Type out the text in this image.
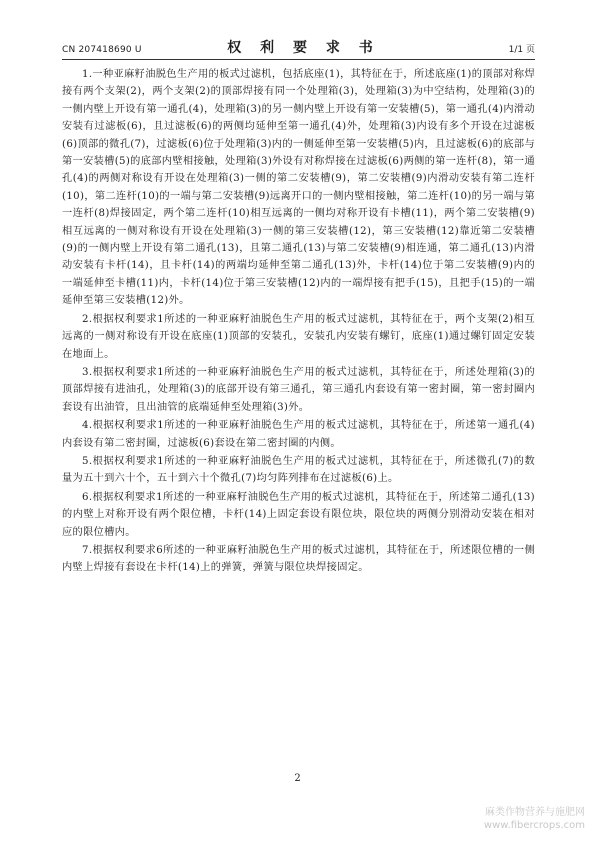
CN 207418690 U	权 利 要 求 书	1/1 页

1.一种亚麻籽油脱色生产用的板式过滤机，包括底座(1)，其特征在于，所述底座(1)的顶部对称焊接有两个支架(2)，两个支架(2)的顶部焊接有同一个处理箱(3)，处理箱(3)为中空结构，处理箱(3)的一侧内壁上开设有第一通孔(4)，处理箱(3)的另一侧内壁上开设有第一安装槽(5)，第一通孔(4)内滑动安装有过滤板(6)，且过滤板(6)的两侧均延伸至第一通孔(4)外，处理箱(3)内设有多个开设在过滤板(6)顶部的微孔(7)，过滤板(6)位于处理箱(3)内的一侧延伸至第一安装槽(5)内，且过滤板(6)的底部与第一安装槽(5)的底部内壁相接触，处理箱(3)外设有对称焊接在过滤板(6)两侧的第一连杆(8)，第一通孔(4)的两侧对称设有开设在处理箱(3)一侧的第二安装槽(9)，第二安装槽(9)内滑动安装有第二连杆(10)，第二连杆(10)的一端与第二安装槽(9)远离开口的一侧内壁相接触，第二连杆(10)的另一端与第一连杆(8)焊接固定，两个第二连杆(10)相互远离的一侧均对称开设有卡槽(11)，两个第二安装槽(9)相互远离的一侧对称设有开设在处理箱(3)一侧的第三安装槽(12)，第三安装槽(12)靠近第二安装槽(9)的一侧内壁上开设有第二通孔(13)，且第二通孔(13)与第二安装槽(9)相连通，第二通孔(13)内滑动安装有卡杆(14)，且卡杆(14)的两端均延伸至第二通孔(13)外，卡杆(14)位于第二安装槽(9)内的一端延伸至卡槽(11)内，卡杆(14)位于第三安装槽(12)内的一端焊接有把手(15)，且把手(15)的一端延伸至第三安装槽(12)外。

2.根据权利要求1所述的一种亚麻籽油脱色生产用的板式过滤机，其特征在于，两个支架(2)相互远离的一侧对称设有开设在底座(1)顶部的安装孔，安装孔内安装有螺钉，底座(1)通过螺钉固定安装在地面上。

3.根据权利要求1所述的一种亚麻籽油脱色生产用的板式过滤机，其特征在于，所述处理箱(3)的顶部焊接有进油孔，处理箱(3)的底部开设有第三通孔，第三通孔内套设有第一密封圈，第一密封圈内套设有出油管，且出油管的底端延伸至处理箱(3)外。

4.根据权利要求1所述的一种亚麻籽油脱色生产用的板式过滤机，其特征在于，所述第一通孔(4)内套设有第二密封圈，过滤板(6)套设在第二密封圈的内侧。

5.根据权利要求1所述的一种亚麻籽油脱色生产用的板式过滤机，其特征在于，所述微孔(7)的数量为五十到六十个，五十到六十个微孔(7)均匀阵列排布在过滤板(6)上。

6.根据权利要求1所述的一种亚麻籽油脱色生产用的板式过滤机，其特征在于，所述第二通孔(13)的内壁上对称开设有两个限位槽，卡杆(14)上固定套设有限位块，限位块的两侧分别滑动安装在相对应的限位槽内。

7.根据权利要求6所述的一种亚麻籽油脱色生产用的板式过滤机，其特征在于，所述限位槽的一侧内壁上焊接有套设在卡杆(14)上的弹簧，弹簧与限位块焊接固定。

2
麻类作物营养与施肥网
www.fibercrops.com
